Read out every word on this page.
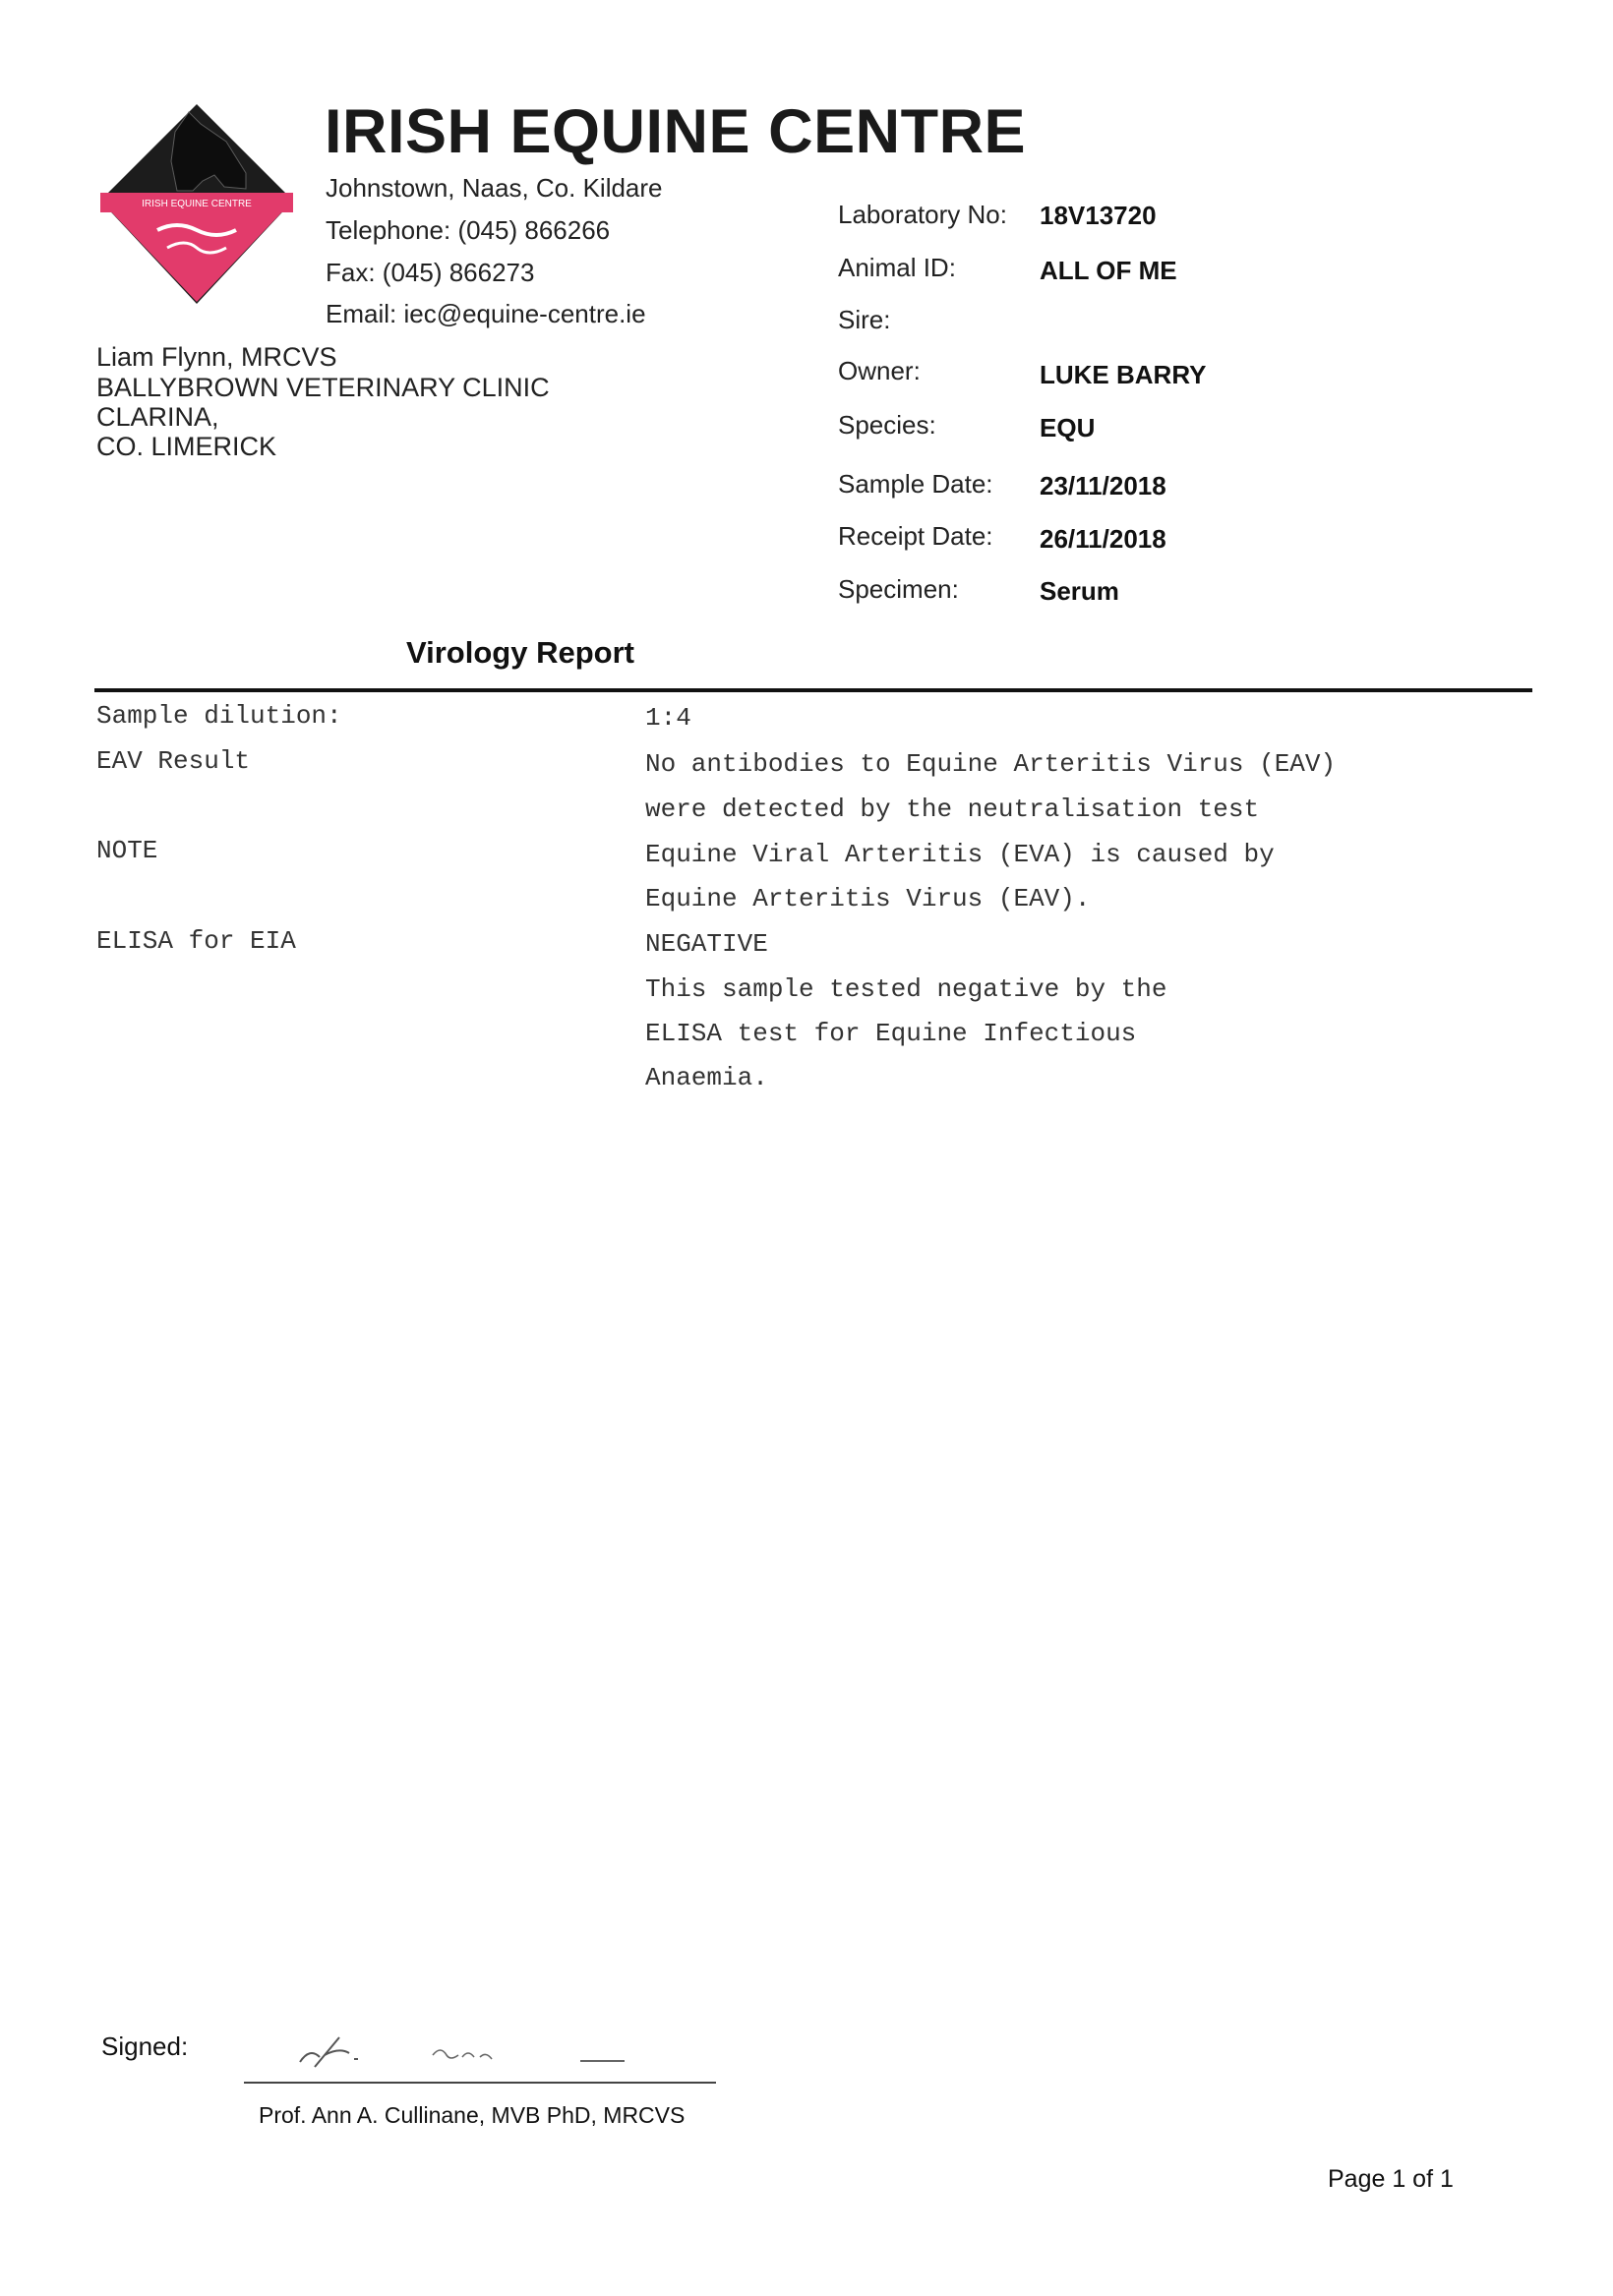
IRISH EQUINE CENTRE
IRISH EQUINE CENTRE
Johnstown, Naas, Co. Kildare
Telephone: (045) 866266
Fax: (045) 866273
Email: iec@equine-centre.ie
Liam Flynn, MRCVS
BALLYBROWN VETERINARY CLINIC
CLARINA,
CO. LIMERICK
Laboratory No: 18V13720
Animal ID:	ALL OF ME
Sire:
Owner:	LUKE BARRY
Species:	EQU
Sample Date: 23/11/2018
Receipt Date: 26/11/2018
Specimen:	Serum
Virology Report
Sample dilution:	1:4
EAV Result	No antibodies to Equine Arteritis Virus (EAV)
were detected by the neutralisation test
NOTE	Equine Viral Arteritis (EVA) is caused by
Equine Arteritis Virus (EAV).
ELISA for EIA	NEGATIVE
This sample tested negative by the
ELISA test for Equine Infectious
Anaemia.
Signed:
Prof. Ann A. Cullinane, MVB PhD, MRCVS
Page 1 of 1
